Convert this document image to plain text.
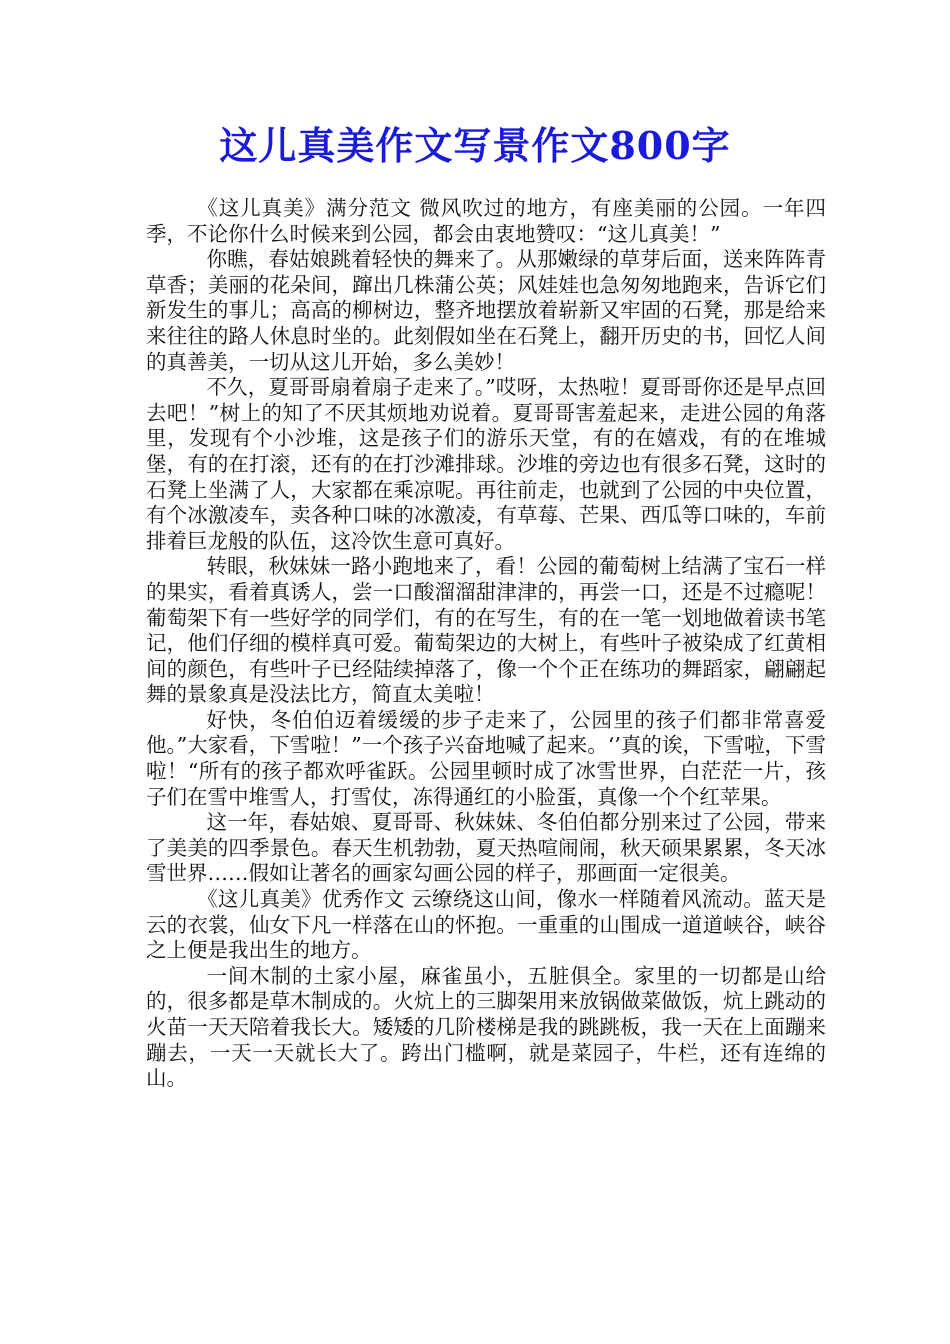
这儿真美作文写景作文800字

《这儿真美》满分范文 微风吹过的地方，有座美丽的公园。一年四季，不论你什么时候来到公园，都会由衷地赞叹：“这儿真美！”

你瞧，春姑娘跳着轻快的舞来了。从那嫩绿的草芽后面，送来阵阵青草香；美丽的花朵间，蹿出几株蒲公英；风娃娃也急匆匆地跑来，告诉它们新发生的事儿；高高的柳树边，整齐地摆放着崭新又牢固的石凳，那是给来来往往的路人休息时坐的。此刻假如坐在石凳上，翻开历史的书，回忆人间的真善美，一切从这儿开始，多么美妙！

不久，夏哥哥扇着扇子走来了。”哎呀，太热啦！夏哥哥你还是早点回去吧！”树上的知了不厌其烦地劝说着。夏哥哥害羞起来，走进公园的角落里，发现有个小沙堆，这是孩子们的游乐天堂，有的在嬉戏，有的在堆城堡，有的在打滚，还有的在打沙滩排球。沙堆的旁边也有很多石凳，这时的石凳上坐满了人，大家都在乘凉呢。再往前走，也就到了公园的中央位置，有个冰激凌车，卖各种口味的冰激凌，有草莓、芒果、西瓜等口味的，车前排着巨龙般的队伍，这冷饮生意可真好。

转眼，秋妹妹一路小跑地来了，看！公园的葡萄树上结满了宝石一样的果实，看着真诱人，尝一口酸溜溜甜津津的，再尝一口，还是不过瘾呢！葡萄架下有一些好学的同学们，有的在写生，有的在一笔一划地做着读书笔记，他们仔细的模样真可爱。葡萄架边的大树上，有些叶子被染成了红黄相间的颜色，有些叶子已经陆续掉落了，像一个个正在练功的舞蹈家，翩翩起舞的景象真是没法比方，简直太美啦！

好快，冬伯伯迈着缓缓的步子走来了，公园里的孩子们都非常喜爱他。”大家看，下雪啦！”一个孩子兴奋地喊了起来。‘’真的诶，下雪啦，下雪啦！“所有的孩子都欢呼雀跃。公园里顿时成了冰雪世界，白茫茫一片，孩子们在雪中堆雪人，打雪仗，冻得通红的小脸蛋，真像一个个红苹果。

这一年，春姑娘、夏哥哥、秋妹妹、冬伯伯都分别来过了公园，带来了美美的四季景色。春天生机勃勃，夏天热喧闹闹，秋天硕果累累，冬天冰雪世界……假如让著名的画家勾画公园的样子，那画面一定很美。

《这儿真美》优秀作文 云缭绕这山间，像水一样随着风流动。蓝天是云的衣裳，仙女下凡一样落在山的怀抱。一重重的山围成一道道峡谷，峡谷之上便是我出生的地方。

一间木制的土家小屋，麻雀虽小，五脏俱全。家里的一切都是山给的，很多都是草木制成的。火炕上的三脚架用来放锅做菜做饭，炕上跳动的火苗一天天陪着我长大。矮矮的几阶楼梯是我的跳跳板，我一天在上面蹦来蹦去，一天一天就长大了。跨出门槛啊，就是菜园子，牛栏，还有连绵的山。
